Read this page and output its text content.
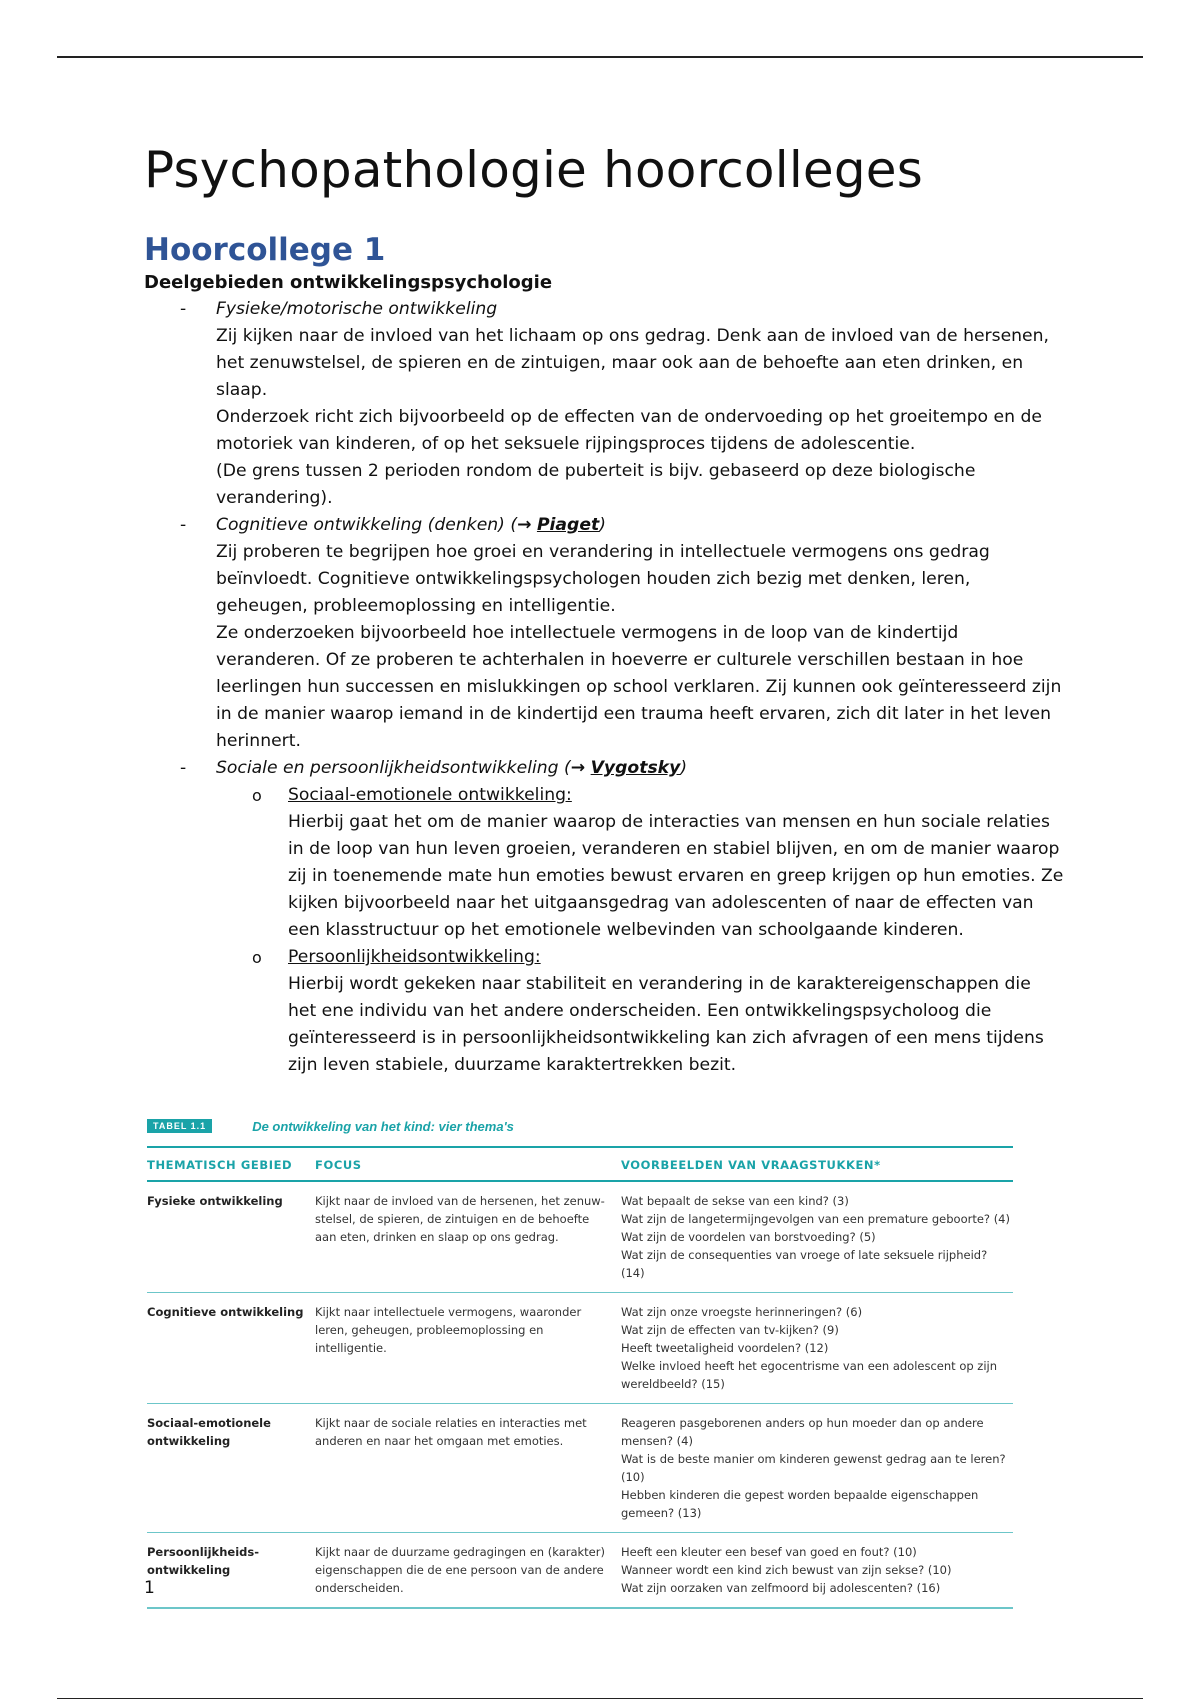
Psychopathologie hoorcolleges
Hoorcollege 1
Deelgebieden ontwikkelingspsychologie
- Fysieke/motorische ontwikkeling

Zij kijken naar de invloed van het lichaam op ons gedrag. Denk aan de invloed van de hersenen, het zenuwstelsel, de spieren en de zintuigen, maar ook aan de behoefte aan eten drinken, en slaap.

Onderzoek richt zich bijvoorbeeld op de effecten van de ondervoeding op het groeitempo en de motoriek van kinderen, of op het seksuele rijpingsproces tijdens de adolescentie.

(De grens tussen 2 perioden rondom de puberteit is bijv. gebaseerd op deze biologische verandering).

- Cognitieve ontwikkeling (denken) (→ Piaget)

Zij proberen te begrijpen hoe groei en verandering in intellectuele vermogens ons gedrag beïnvloedt. Cognitieve ontwikkelingspsychologen houden zich bezig met denken, leren, geheugen, probleemoplossing en intelligentie.

Ze onderzoeken bijvoorbeeld hoe intellectuele vermogens in de loop van de kindertijd veranderen. Of ze proberen te achterhalen in hoeverre er culturele verschillen bestaan in hoe leerlingen hun successen en mislukkingen op school verklaren. Zij kunnen ook geïnteresseerd zijn in de manier waarop iemand in de kindertijd een trauma heeft ervaren, zich dit later in het leven herinnert.

- Sociale en persoonlijkheidsontwikkeling (→ Vygotsky)

o Sociaal-emotionele ontwikkeling:

Hierbij gaat het om de manier waarop de interacties van mensen en hun sociale relaties in de loop van hun leven groeien, veranderen en stabiel blijven, en om de manier waarop zij in toenemende mate hun emoties bewust ervaren en greep krijgen op hun emoties. Ze kijken bijvoorbeeld naar het uitgaansgedrag van adolescenten of naar de effecten van een klasstructuur op het emotionele welbevinden van schoolgaande kinderen.

o Persoonlijkheidsontwikkeling:

Hierbij wordt gekeken naar stabiliteit en verandering in de karaktereigenschappen die het ene individu van het andere onderscheiden. Een ontwikkelingspsycholoog die geïnteresseerd is in persoonlijkheidsontwikkeling kan zich afvragen of een mens tijdens zijn leven stabiele, duurzame karaktertrekken bezit.

TABEL 1.1	De ontwikkeling van het kind: vier thema's
THEMATISCH GEBIED	FOCUS	VOORBEELDEN VAN VRAAGSTUKKEN*
Fysieke ontwikkeling	Kijkt naar de invloed van de hersenen, het zenuw-stelsel, de spieren, de zintuigen en de behoefte aan eten, drinken en slaap op ons gedrag.	Wat bepaalt de sekse van een kind? (3)
Wat zijn de langetermijngevolgen van een premature geboorte? (4)
Wat zijn de voordelen van borstvoeding? (5)
Wat zijn de consequenties van vroege of late seksuele rijpheid? (14)

Cognitieve ontwikkeling	Kijkt naar intellectuele vermogens, waaronder leren, geheugen, probleemoplossing en intelligentie.	Wat zijn onze vroegste herinneringen? (6)
Wat zijn de effecten van tv-kijken? (9)
Heeft tweetaligheid voordelen? (12)
Welke invloed heeft het egocentrisme van een adolescent op zijn wereldbeeld? (15)

Sociaal-emotionele ontwikkeling	Kijkt naar de sociale relaties en interacties met anderen en naar het omgaan met emoties.	Reageren pasgeborenen anders op hun moeder dan op andere mensen? (4)
Wat is de beste manier om kinderen gewenst gedrag aan te leren? (10)
Hebben kinderen die gepest worden bepaalde eigenschappen gemeen? (13)

Persoonlijkheids-ontwikkeling	Kijkt naar de duurzame gedragingen en (karakter) eigenschappen die de ene persoon van de andere onderscheiden.	Heeft een kleuter een besef van goed en fout? (10)
Wanneer wordt een kind zich bewust van zijn sekse? (10)
Wat zijn oorzaken van zelfmoord bij adolescenten? (16)
1
